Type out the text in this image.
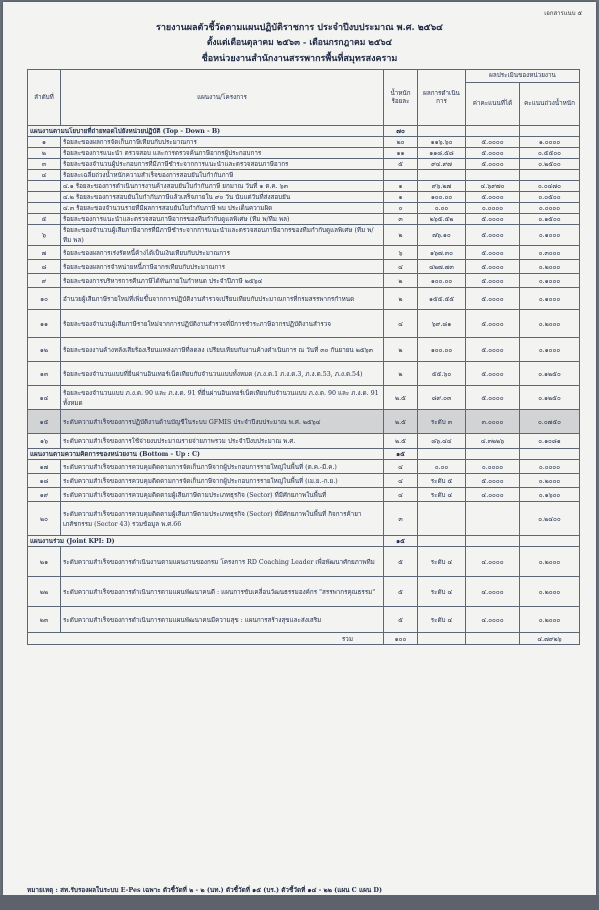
เอกสารแนบ ๕
รายงานผลตัวชี้วัดตามแผนปฏิบัติราชการ ประจำปีงบประมาณ พ.ศ. ๒๕๖๔
ตั้งแต่เดือนตุลาคม ๒๕๖๓ - เดือนกรกฎาคม ๒๕๖๔
ชื่อหน่วยงานสำนักงานสรรพากรพื้นที่สมุทรสงคราม
ลำดับที่	แผนงาน/โครงการ	น้ำหนักร้อยละ	ผลการดำเนินการ	ผลประเมินของหน่วยงาน	
				ค่าคะแนนที่ได้	คะแนนถ่วงน้ำหนัก
แผนงานตามนโยบายที่ถ่ายทอดไปยังหน่วยปฏิบัติ (Top - Down - B)		๗๐			
๑	ร้อยละของผลการจัดเก็บภาษีเทียบกับประมาณการ	๒๐	๑๑๖.๖๐	๕.๐๐๐๐	๑.๐๐๐๐
๒	ร้อยละของการแนะนำ ตรวจสอบ และการตรวจค้นภาษีอากรผู้ประกอบการ	๑๑	๑๑๘.๕๘	๕.๐๐๐๐	๐.๕๕๐๐
๓	ร้อยละของจำนวนผู้ประกอบการที่มีภาษีชำระจากการแนะนำและตรวจสอบภาษีอากร	๕	๙๔.๙๗	๕.๐๐๐๐	๐.๒๕๐๐
๔	ร้อยละเฉลี่ยถ่วงน้ำหนักความสำเร็จของการสอบยันใบกำกับภาษี				
	๔.๑ ร้อยละของการดำเนินการงานค้างสอบยันใบกำกับภาษี ยกมาณ วันที่ ๑ ต.ค. ๖๓	๑	๙๖.๒๗	๔.๖๙๗๐	๐.๐๔๗๐
	๔.๒ ร้อยละของการสอบยันใบกำกับภาษีแล้วเสร็จภายใน ๙๐ วัน นับแต่วันที่ส่งสอบยัน	๑	๑๐๐.๐๐	๕.๐๐๐๐	๐.๐๕๐๐
	๔.๓ ร้อยละของจำนวนรายที่มีผลการสอบยันใบกำกับภาษี พบ ประเด็นความผิด	๐	๐.๐๐	๐.๐๐๐๐	๐.๐๐๐๐
๕	ร้อยละของการแนะนำและตรวจสอบภาษีอากรของทีมกำกับดูแลพิเศษ (ทีม พ/ทีม พล)	๓	๒๖๕.๕๒	๕.๐๐๐๐	๐.๑๕๐๐
๖	ร้อยละของจำนวนผู้เสียภาษีอากรที่มีภาษีชำระจากการแนะนำและตรวจสอบภาษีอากรของทีมกำกับดูแลพิเศษ (ทีม พ/ ทีม พล)	๒	๗๖.๑๐	๕.๐๐๐๐	๐.๑๐๐๐
๗	ร้อยละของผลการเร่งรัดหนี้ค้างได้เป็นเงินเทียบกับประมาณการ	๖	๑๖๗.๓๐	๕.๐๐๐๐	๐.๓๐๐๐
๘	ร้อยละของผลการจำหน่ายหนี้ภาษีอากรเทียบกับประมาณการ	๔	๔๒๗.๗๓	๕.๐๐๐๐	๐.๒๐๐๐
๙	ร้อยละของการบริหารการคืนภาษีได้ทันภายในกำหนด ประจำปีภาษี ๒๕๖๔	๒	๑๐๐.๐๐	๕.๐๐๐๐	๐.๑๐๐๐
๑๐	อำนวยผู้เสียภาษีรายใหม่ที่เพิ่มขึ้นจากการปฏิบัติงานสำรวจเปรียบเทียบกับประมาณการที่กรมสรรพากรกำหนด	๒	๑๕๕.๕๕	๕.๐๐๐๐	๐.๑๐๐๐
๑๑	ร้อยละของจำนวนผู้เสียภาษีรายใหม่จากการปฏิบัติงานสำรวจที่มีการชำระภาษีอากรปฏิบัติงานสำรวจ	๔	๖๙.๘๑	๕.๐๐๐๐	๐.๒๐๐๐
๑๒	ร้อยละของงานค้างหลังเสียร้องเรียนแหล่งภาษีที่ลดลง เปรียบเทียบกับงานค้างดำเนินการ ณ วันที่ ๓๐ กันยายน ๒๕๖๓	๒	๑๐๐.๐๐	๕.๐๐๐๐	๐.๑๐๐๐
๑๓	ร้อยละของจำนวนแบบที่ยื่นผ่านอินเทอร์เน็ตเทียบกับจำนวนแบบทั้งหมด (ภ.ง.ด.1 ภ.ง.ด.3, ภ.ง.ด.53, ภ.ง.ด.54)	๒	๕๕.๖๐	๕.๐๐๐๐	๐.๑๒๕๐
๑๔	ร้อยละของจำนวนแบบ ภ.ง.ด. 90 และ ภ.ง.ด. 91 ที่ยื่นผ่านอินเทอร์เน็ตเทียบกับจำนวนแบบ ภ.ง.ด. 90 และ ภ.ง.ด. 91 ทั้งหมด	๒.๕	๘๙.๐๓	๕.๐๐๐๐	๐.๑๒๕๐
๑๕	ระดับความสำเร็จของการปฏิบัติงานด้านบัญชีในระบบ GFMIS ประจำปีงบประมาณ พ.ศ. ๒๕๖๔	๒.๕	ระดับ ๓	๓.๐๐๐๐	๐.๐๗๕๐
๑๖	ระดับความสำเร็จของการใช้จ่ายงบประมาณรายจ่ายภาพรวม ประจำปีงบประมาณ พ.ศ.	๒.๕	๘๖.๔๔	๔.๓๒๒๖	๐.๑๐๘๑
แผนงานตามความคิดการของหน่วยงาน (Bottom - Up : C)		๑๕			
๑๗	ระดับความสำเร็จของการควบคุมติดตามการจัดเก็บภาษีจากผู้ประกอบการรายใหญ่ในพื้นที่ (ต.ค.-มี.ค.)	๔	๐.๐๐	๐.๐๐๐๐	๐.๐๐๐๐
๑๘	ระดับความสำเร็จของการควบคุมติดตามการจัดเก็บภาษีจากผู้ประกอบการรายใหญ่ในพื้นที่ (เม.ย.-ก.ย.)	๔	ระดับ ๕	๕.๐๐๐๐	๐.๒๐๐๐
๑๙	ระดับความสำเร็จของการควบคุมติดตามผู้เสียภาษีตามประเภทธุรกิจ (Sector) ที่มีศักยภาพในพื้นที่	๔	ระดับ ๔	๔.๐๐๐๐	๐.๑๖๐๐
๒๐	ระดับความสำเร็จของการควบคุมติดตามผู้เสียภาษีตามประเภทธุรกิจ (Sector) ที่มีศักยภาพในพื้นที่ กิจการค้ายาเภสัชกรรม (Sector 43) รวมข้อมูล พ.ศ.66	๓			๐.๒๔๐๐
แผนงานร่วม (Joint KPI: D)		๑๕			
๒๑	ระดับความสำเร็จของการดำเนินงานตามแผนงานของกรม โครงการ RD Coaching Leader เพื่อพัฒนาศักยภาพทีม	๕	ระดับ ๔	๔.๐๐๐๐	๐.๒๐๐๐
๒๒	ระดับความสำเร็จของการดำเนินการตามแผนพัฒนาคนดี : แผนการขับเคลื่อนวัฒนธรรมองค์กร "สรรพากรคุณธรรม"	๕	ระดับ ๔	๔.๐๐๐๐	๐.๒๐๐๐
๒๓	ระดับความสำเร็จของการดำเนินการตามแผนพัฒนาคนมีความสุข : แผนการสร้างสุขและส่งเสริม	๕	ระดับ ๔	๔.๐๐๐๐	๐.๒๐๐๐
รวม		๑๐๐			๔.๗๙๒๖
หมายเหตุ : สท.รับรองผลในระบบ E-Pes เฉพาะ ตัวชี้วัดที่ ๒ - ๒ (นท.) ตัวชี้วัดที่ ๑๕ (บร.) ตัวชี้วัดที่ ๑๔ - ๒๒ (แผน C แผน D)
